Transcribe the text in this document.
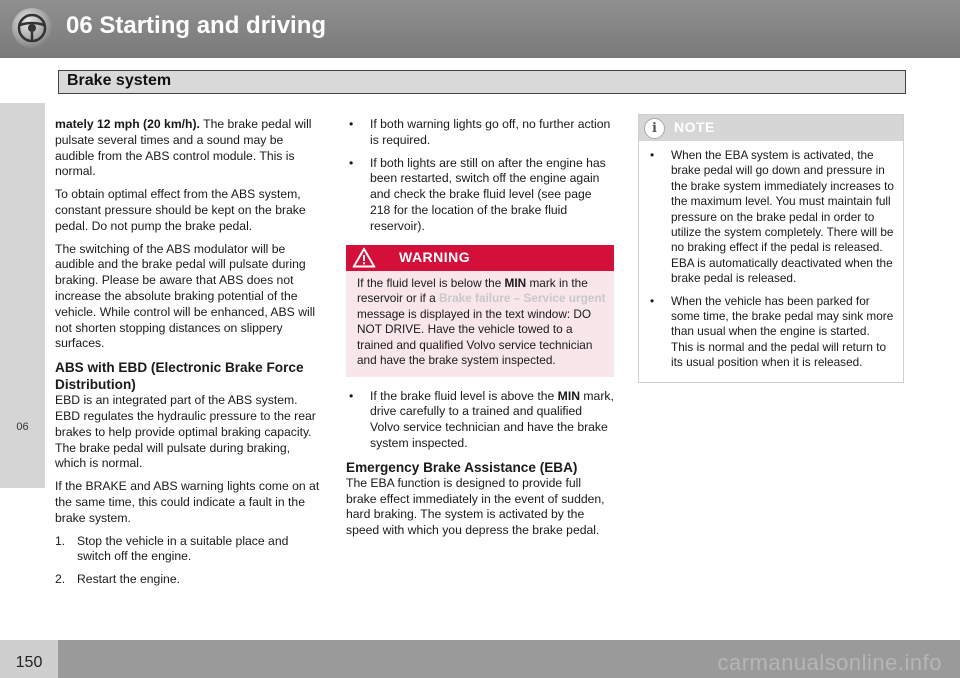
06 Starting and driving
Brake system
06

mately 12 mph (20 km/h). The brake pedal will pulsate several times and a sound may be audible from the ABS control module. This is normal.

To obtain optimal effect from the ABS system, constant pressure should be kept on the brake pedal. Do not pump the brake pedal.

The switching of the ABS modulator will be audible and the brake pedal will pulsate during braking. Please be aware that ABS does not increase the absolute braking potential of the vehicle. While control will be enhanced, ABS will not shorten stopping distances on slippery surfaces.

ABS with EBD (Electronic Brake Force Distribution)

EBD is an integrated part of the ABS system. EBD regulates the hydraulic pressure to the rear brakes to help provide optimal braking capacity. The brake pedal will pulsate during braking, which is normal.

If the BRAKE and ABS warning lights come on at the same time, this could indicate a fault in the brake system.

1. Stop the vehicle in a suitable place and switch off the engine.
2. Restart the engine.
• If both warning lights go off, no further action is required.
• If both lights are still on after the engine has been restarted, switch off the engine again and check the brake fluid level (see page 218 for the location of the brake fluid reservoir).
WARNING
If the fluid level is below the MIN mark in the reservoir or if a Brake failure – Service urgent message is displayed in the text window: DO NOT DRIVE. Have the vehicle towed to a trained and qualified Volvo service technician and have the brake system inspected.
• If the brake fluid level is above the MIN mark, drive carefully to a trained and qualified Volvo service technician and have the brake system inspected.
Emergency Brake Assistance (EBA)

The EBA function is designed to provide full brake effect immediately in the event of sudden, hard braking. The system is activated by the speed with which you depress the brake pedal.

i	NOTE
• When the EBA system is activated, the brake pedal will go down and pressure in the brake system immediately increases to the maximum level. You must maintain full pressure on the brake pedal in order to utilize the system completely. There will be no braking effect if the pedal is released. EBA is automatically deactivated when the brake pedal is released.
• When the vehicle has been parked for some time, the brake pedal may sink more than usual when the engine is started. This is normal and the pedal will return to its usual position when it is released.
150	carmanualsonline.info
